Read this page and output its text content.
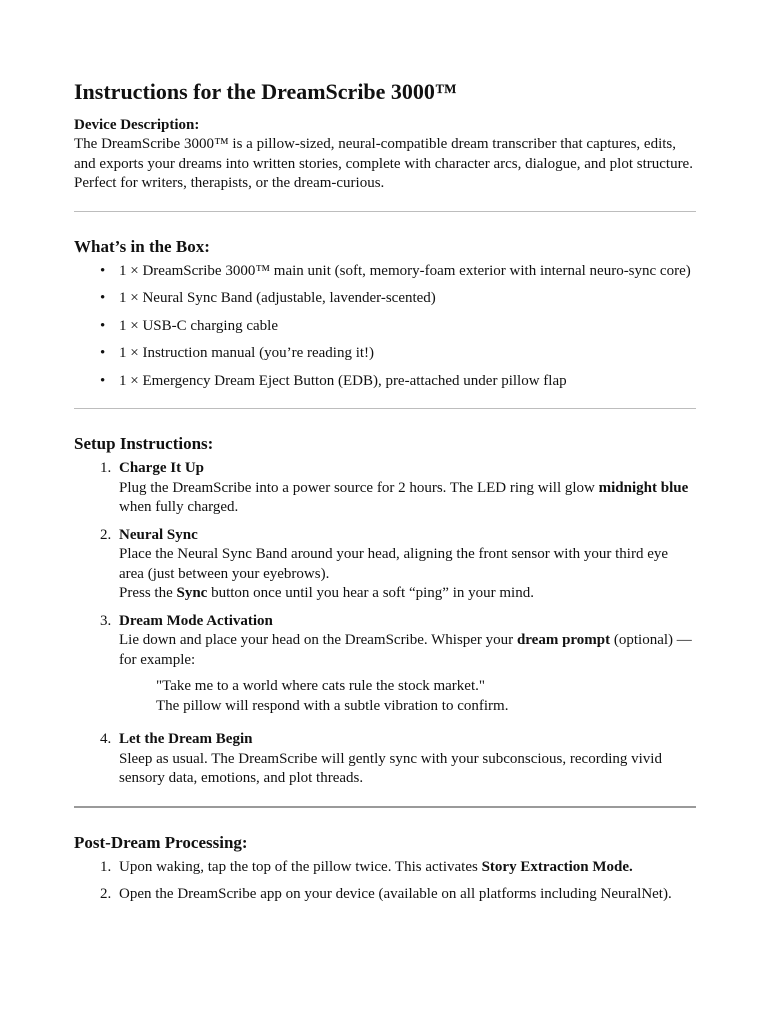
Instructions for the DreamScribe 3000™
Device Description:

The DreamScribe 3000™ is a pillow-sized, neural-compatible dream transcriber that captures, edits, and exports your dreams into written stories, complete with character arcs, dialogue, and plot structure. Perfect for writers, therapists, or the dream-curious.

What’s in the Box:
• 1 × DreamScribe 3000™ main unit (soft, memory-foam exterior with internal neuro-sync core)
• 1 × Neural Sync Band (adjustable, lavender-scented)
• 1 × USB-C charging cable
• 1 × Instruction manual (you’re reading it!)
• 1 × Emergency Dream Eject Button (EDB), pre-attached under pillow flap
Setup Instructions:
1. Charge It Up
Plug the DreamScribe into a power source for 2 hours. The LED ring will glow midnight blue when fully charged.
2. Neural Sync
Place the Neural Sync Band around your head, aligning the front sensor with your third eye area (just between your eyebrows).
Press the Sync button once until you hear a soft “ping” in your mind.
3. Dream Mode Activation
Lie down and place your head on the DreamScribe. Whisper your dream prompt (optional) — for example:
"Take me to a world where cats rule the stock market."
The pillow will respond with a subtle vibration to confirm.
4. Let the Dream Begin
Sleep as usual. The DreamScribe will gently sync with your subconscious, recording vivid sensory data, emotions, and plot threads.
Post-Dream Processing:
1. Upon waking, tap the top of the pillow twice. This activates Story Extraction Mode.
2. Open the DreamScribe app on your device (available on all platforms including NeuralNet).
